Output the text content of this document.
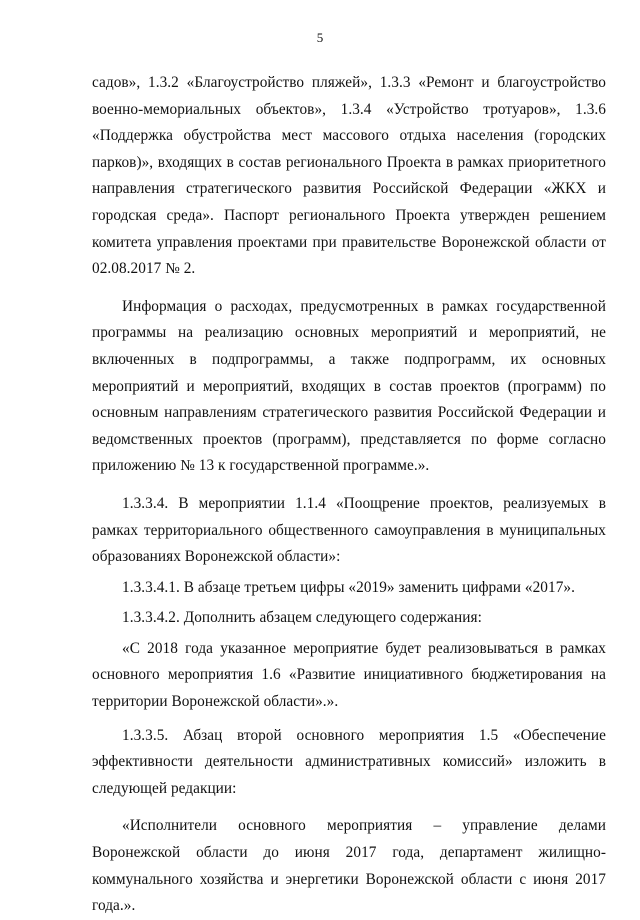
5

садов», 1.3.2 «Благоустройство пляжей», 1.3.3 «Ремонт и благоустройство военно-мемориальных объектов», 1.3.4 «Устройство тротуаров», 1.3.6 «Поддержка обустройства мест массового отдыха населения (городских парков)», входящих в состав регионального Проекта в рамках приоритетного направления стратегического развития Российской Федерации «ЖКХ и городская среда». Паспорт регионального Проекта утвержден решением комитета управления проектами при правительстве Воронежской области от 02.08.2017 № 2.

Информация о расходах, предусмотренных в рамках государственной программы на реализацию основных мероприятий и мероприятий, не включенных в подпрограммы, а также подпрограмм, их основных мероприятий и мероприятий, входящих в состав проектов (программ) по основным направлениям стратегического развития Российской Федерации и ведомственных проектов (программ), представляется по форме согласно приложению № 13 к государственной программе.».

1.3.3.4. В мероприятии 1.1.4 «Поощрение проектов, реализуемых в рамках территориального общественного самоуправления в муниципальных образованиях Воронежской области»:

1.3.3.4.1. В абзаце третьем цифры «2019» заменить цифрами «2017».

1.3.3.4.2. Дополнить абзацем следующего содержания:

«С 2018 года указанное мероприятие будет реализовываться в рамках основного мероприятия 1.6 «Развитие инициативного бюджетирования на территории Воронежской области».».

1.3.3.5. Абзац второй основного мероприятия 1.5 «Обеспечение эффективности деятельности административных комиссий» изложить в следующей редакции:

«Исполнители основного мероприятия – управление делами Воронежской области до июня 2017 года, департамент жилищно-коммунального хозяйства и энергетики Воронежской области с июня 2017 года.».
